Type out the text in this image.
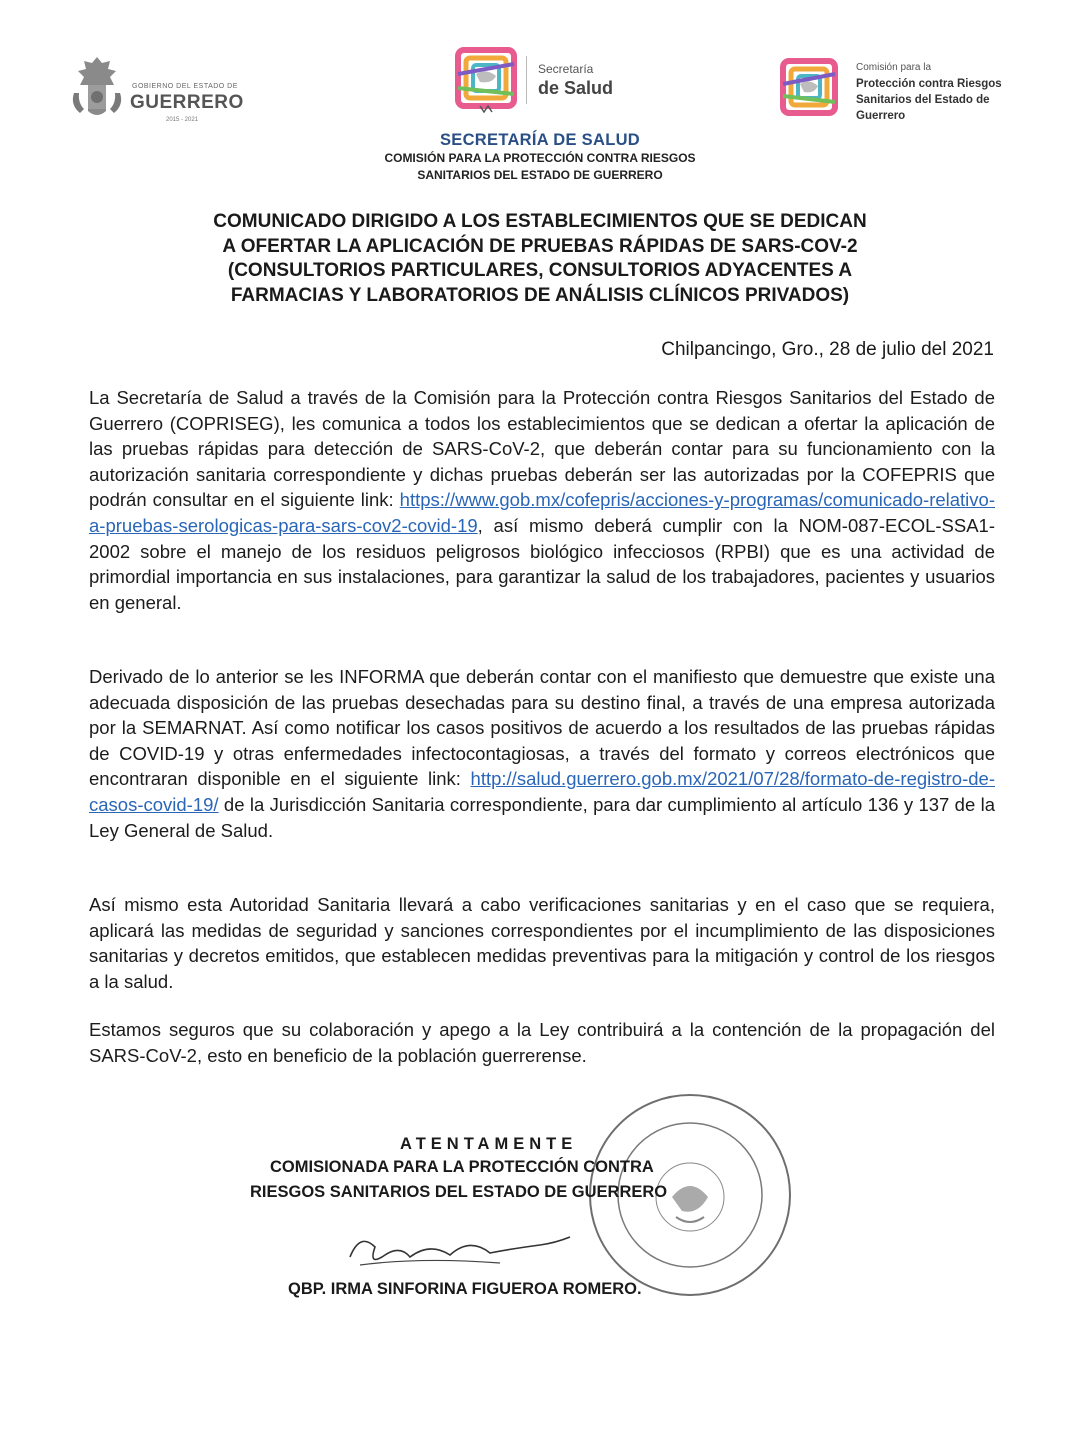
GOBIERNO DEL ESTADO DE
GUERRERO
2015 - 2021
Secretaría
de Salud
Comisión para la
Protección contra Riesgos
Sanitarios del Estado de
Guerrero
SECRETARÍA DE SALUD
COMISIÓN PARA LA PROTECCIÓN CONTRA RIESGOS
SANITARIOS DEL ESTADO DE GUERRERO
COMUNICADO DIRIGIDO A LOS ESTABLECIMIENTOS QUE SE DEDICAN
A OFERTAR LA APLICACIÓN DE PRUEBAS RÁPIDAS DE SARS-COV-2
(CONSULTORIOS PARTICULARES, CONSULTORIOS ADYACENTES A
FARMACIAS Y LABORATORIOS DE ANÁLISIS CLÍNICOS PRIVADOS)
Chilpancingo, Gro., 28 de julio del 2021

La Secretaría de Salud a través de la Comisión para la Protección contra Riesgos Sanitarios del Estado de Guerrero (COPRISEG), les comunica a todos los establecimientos que se dedican a ofertar la aplicación de las pruebas rápidas para detección de SARS-CoV-2, que deberán contar para su funcionamiento con la autorización sanitaria correspondiente y dichas pruebas deberán ser las autorizadas por la COFEPRIS que podrán consultar en el siguiente link: https://www.gob.mx/cofepris/acciones-y-programas/comunicado-relativo-a-pruebas-serologicas-para-sars-cov2-covid-19, así mismo deberá cumplir con la NOM-087-ECOL-SSA1-2002 sobre el manejo de los residuos peligrosos biológico infecciosos (RPBI) que es una actividad de primordial importancia en sus instalaciones, para garantizar la salud de los trabajadores, pacientes y usuarios en general.

Derivado de lo anterior se les INFORMA que deberán contar con el manifiesto que demuestre que existe una adecuada disposición de las pruebas desechadas para su destino final, a través de una empresa autorizada por la SEMARNAT. Así como notificar los casos positivos de acuerdo a los resultados de las pruebas rápidas de COVID-19 y otras enfermedades infectocontagiosas, a través del formato y correos electrónicos que encontraran disponible en el siguiente link: http://salud.guerrero.gob.mx/2021/07/28/formato-de-registro-de-casos-covid-19/ de la Jurisdicción Sanitaria correspondiente, para dar cumplimiento al artículo 136 y 137 de la Ley General de Salud.

Así mismo esta Autoridad Sanitaria llevará a cabo verificaciones sanitarias y en el caso que se requiera, aplicará las medidas de seguridad y sanciones correspondientes por el incumplimiento de las disposiciones sanitarias y decretos emitidos, que establecen medidas preventivas para la mitigación y control de los riesgos a la salud.

Estamos seguros que su colaboración y apego a la Ley contribuirá a la contención de la propagación del SARS-CoV-2, esto en beneficio de la población guerrerense.

ATENTAMENTE
COMISIONADA PARA LA PROTECCIÓN CONTRA
RIESGOS SANITARIOS DEL ESTADO DE GUERRERO
QBP. IRMA SINFORINA FIGUEROA ROMERO.
